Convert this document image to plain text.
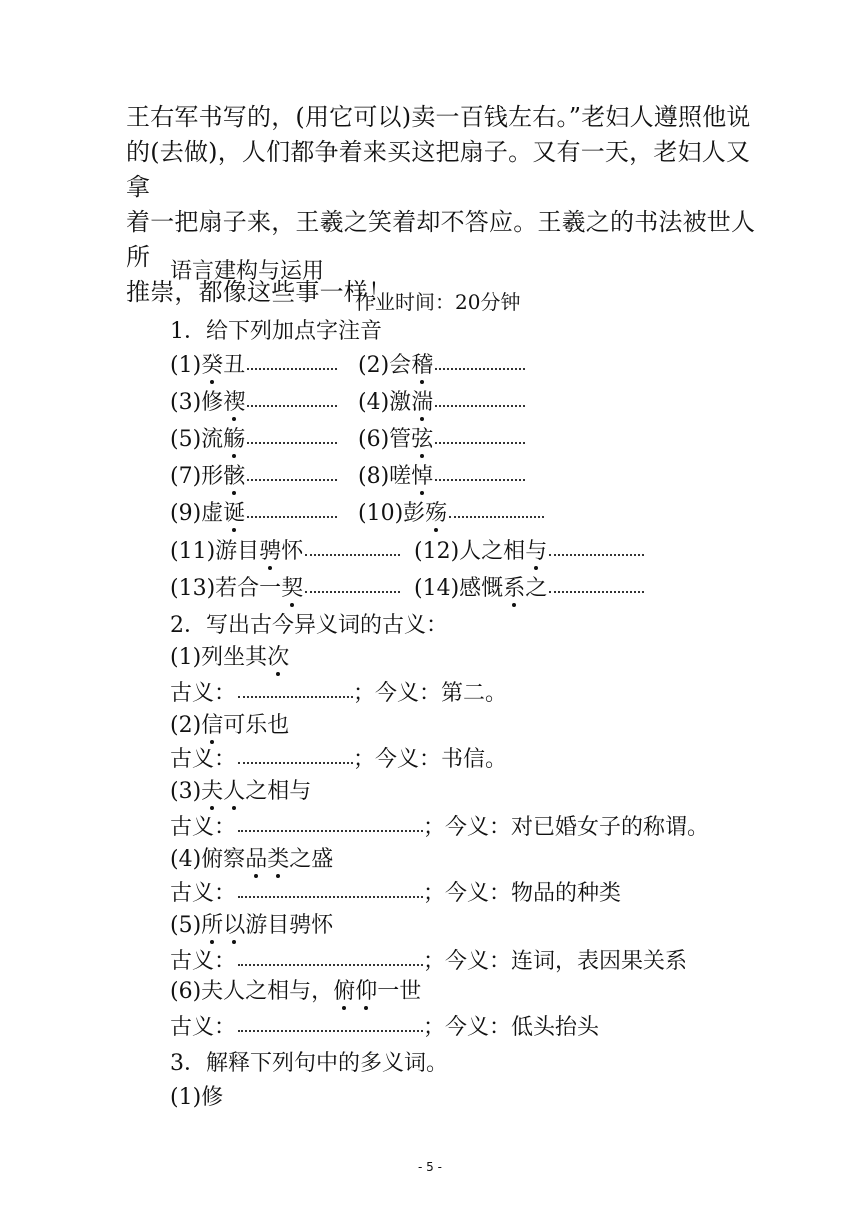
王右军书写的，(用它可以)卖一百钱左右。”老妇人遵照他说
的(去做)，人们都争着来买这把扇子。又有一天，老妇人又拿
着一把扇子来，王羲之笑着却不答应。王羲之的书法被世人所
推崇，都像这些事一样！
语言建构与运用
作业时间：20分钟
1．给下列加点字注音
(1)癸丑	(2)会稽
(3)修禊	(4)激湍
(5)流觞	(6)管弦
(7)形骸	(8)嗟悼
(9)虚诞	(10)彭殇
(11)游目骋怀	(12)人之相与
(13)若合一契	(14)感慨系之
2．写出古今异义词的古义：
(1)列坐其次
古义：	；今义：第二。
(2)信可乐也
古义：	；今义：书信。
(3)夫人之相与
古义：	；今义：对已婚女子的称谓。
(4)俯察品类之盛
古义：	；今义：物品的种类
(5)所以游目骋怀
古义：	；今义：连词，表因果关系
(6)夫人之相与，俯仰一世
古义：	；今义：低头抬头
3．解释下列句中的多义词。
(1)修
- 5 -
